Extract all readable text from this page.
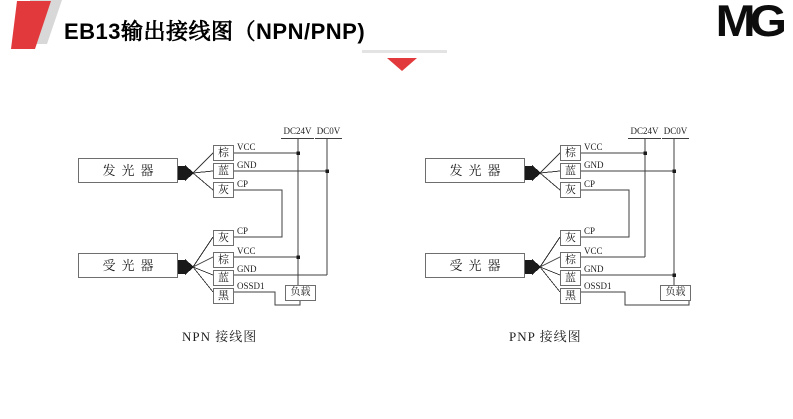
EB13输出接线图（NPN/PNP)	MG
发光器
受光器
棕
蓝
灰
VCC
GND
CP
灰
棕
蓝
黑
CP
VCC
GND
OSSD1
DC24V DC0V
负载
NPN 接线图
发光器
受光器
棕
蓝
灰
VCC
GND
CP
灰
棕
蓝
黑
CP
VCC
GND
OSSD1
DC24V DC0V
负载
PNP 接线图
